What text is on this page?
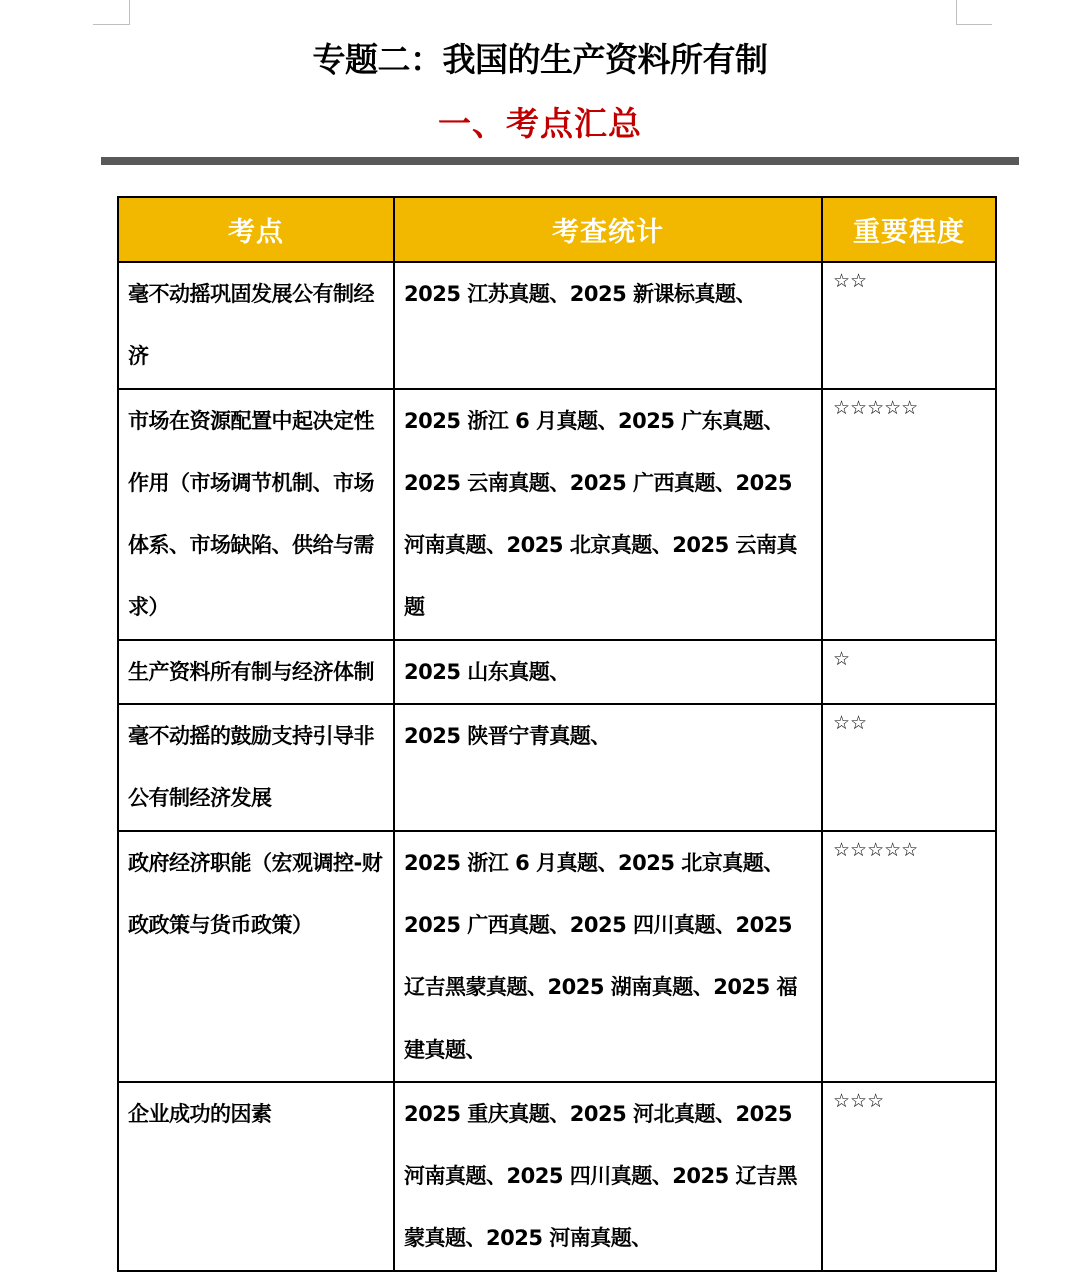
专题二：我国的生产资料所有制
一、考点汇总
考点	考查统计	重要程度
毫不动摇巩固发展公有制经济	2025 江苏真题、2025 新课标真题、	☆☆
市场在资源配置中起决定性作用（市场调节机制、市场体系、市场缺陷、供给与需求）	2025 浙江 6 月真题、2025 广东真题、2025 云南真题、2025 广西真题、2025 河南真题、2025 北京真题、2025 云南真题	☆☆☆☆☆
生产资料所有制与经济体制	2025 山东真题、	☆
毫不动摇的鼓励支持引导非公有制经济发展	2025 陕晋宁青真题、	☆☆
政府经济职能（宏观调控-财政政策与货币政策）	2025 浙江 6 月真题、2025 北京真题、2025 广西真题、2025 四川真题、2025 辽吉黑蒙真题、2025 湖南真题、2025 福建真题、	☆☆☆☆☆
企业成功的因素	2025 重庆真题、2025 河北真题、2025 河南真题、2025 四川真题、2025 辽吉黑蒙真题、2025 河南真题、	☆☆☆
